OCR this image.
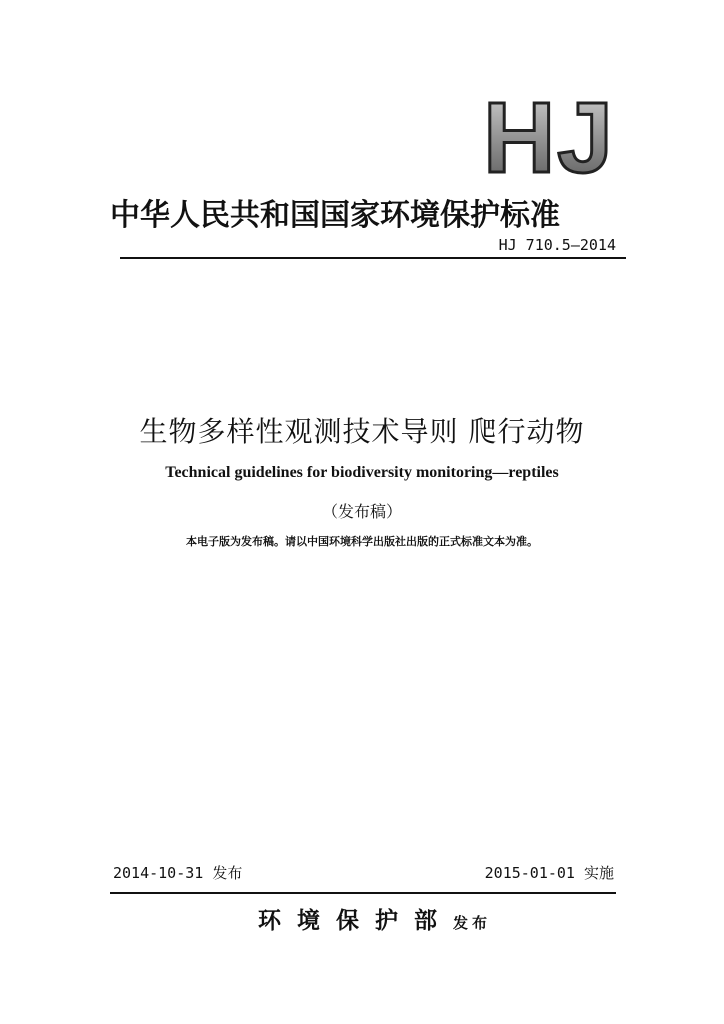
HJ
中华人民共和国国家环境保护标准
HJ 710.5—2014
生物多样性观测技术导则 爬行动物
Technical guidelines for biodiversity monitoring—reptiles
（发布稿）
本电子版为发布稿。请以中国环境科学出版社出版的正式标准文本为准。
2014-10-31 发布	2015-01-01 实施
环境保护部发布
